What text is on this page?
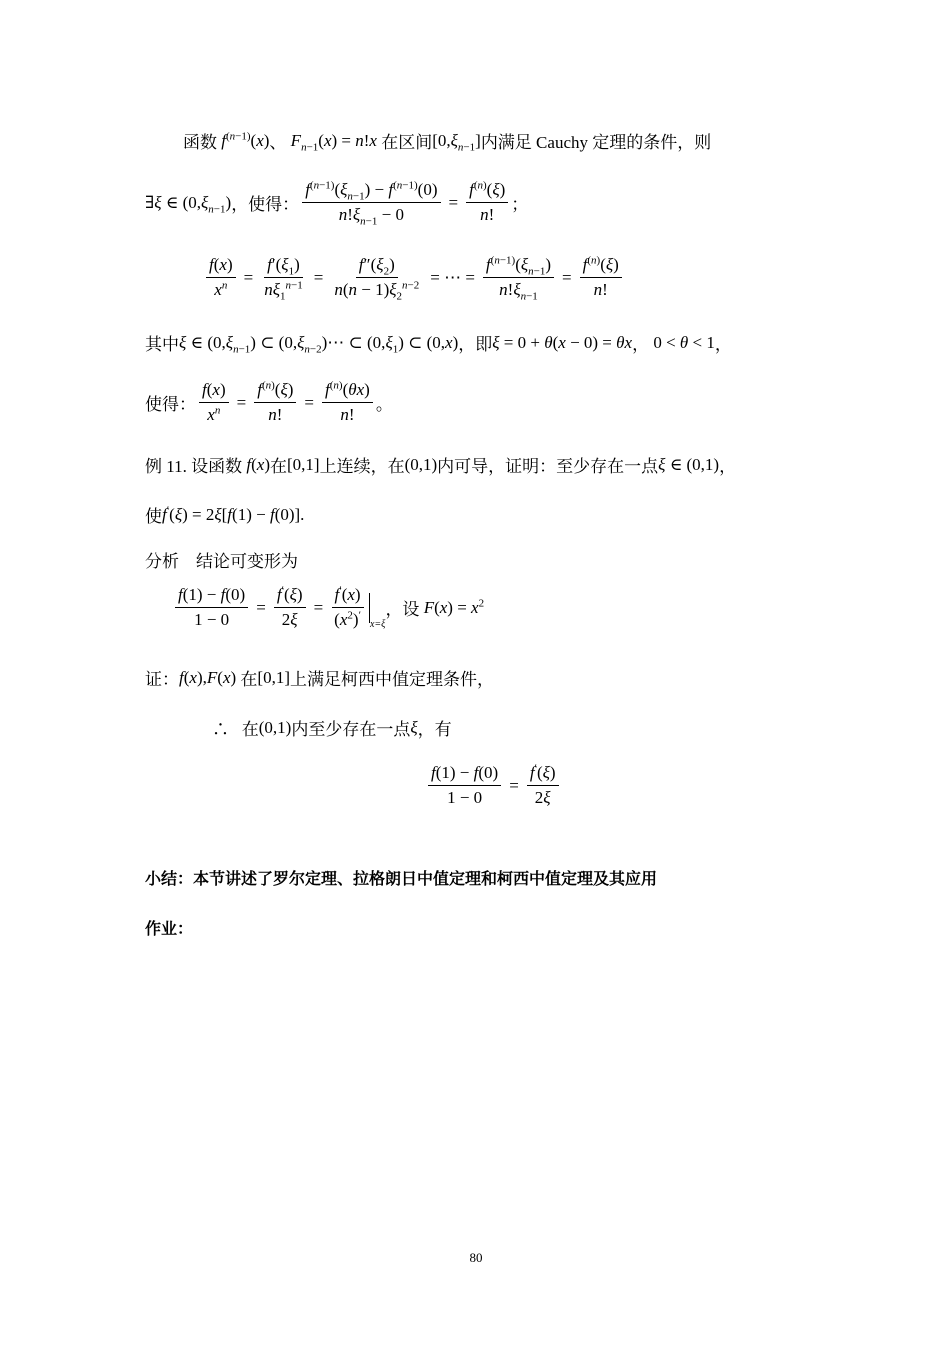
函数 $f^{(n-1)}(x)$ 、 $F_{n-1}(x) = n!x$ 在区间 $[0,\xi_{n-1}]$ 内满足 Cauchy 定理的条件，则
∃ξ ∈ $(0,\xi_{n-1})$ ，使得： $\frac{f^{(n-1)}(\xi_{n-1}) - f^{(n-1)}(0)}{n!\xi_{n-1} - 0} = \frac{f^{(n)}(\xi)}{n!}$ ；
$\frac{f(x)}{x^n} = \frac{f'(\xi_1)}{n\xi_1^{n-1}} = \frac{f''(\xi_2)}{n(n - 1)\xi_2^{n-2}}$ = ⋯ = $\frac{f^{(n-1)}(\xi_{n-1})}{n!\xi_{n-1}} = \frac{f^{(n)}(\xi)}{n!}$
其中 ξ ∈ $(0,\xi_{n-1})$ ⊂ $(0,\xi_{n-2})\cdots$ ⊂ $(0,\xi_1)$ ⊂ (0,x) ，即 ξ = 0 + θ(x − 0) = θx ， 0 < θ < 1 ，
使得： $\frac{f(x)}{x^n} = \frac{f^{(n)}(\xi)}{n!} = \frac{f^{(n)}(\theta x)}{n!}$ 。
例 11. 设函数 f(x) 在 [0,1] 上连续，在 (0,1) 内可导，证明：至少存在一点 ξ ∈ (0,1) ，
使 f′(ξ) = 2ξ[f(1) − f(0)].
分析    结论可变形为
$\frac{f(1) - f(0)}{1 - 0} = \frac{f'(\xi)}{2\xi} = \frac{f'(x)}{(x^2)'} x=\xi$
，设 $F(x) = x^2$
证： f(x),F(x) 在 [0,1] 上满足柯西中值定理条件，
∴   在 (0,1) 内至少存在一点 ξ ，有
$\frac{f(1) - f(0)}{1 - 0} = \frac{f'(\xi)}{2\xi}$
小结：本节讲述了罗尔定理、拉格朗日中值定理和柯西中值定理及其应用
作业：
80
